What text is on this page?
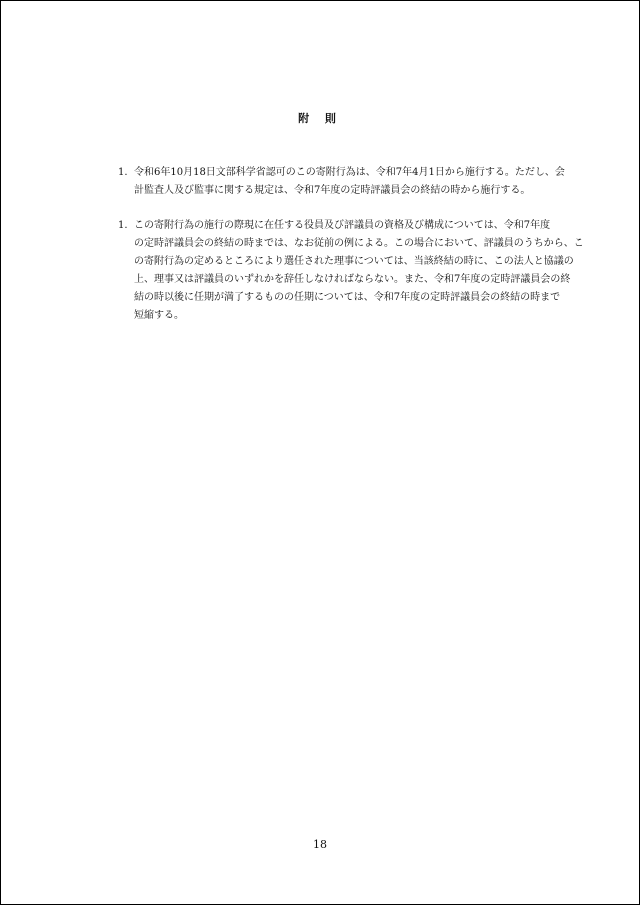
附 則
1. 令和6年10月18日文部科学省認可のこの寄附行為は、令和7年4月1日から施行する。ただし、会
計監査人及び監事に関する規定は、令和7年度の定時評議員会の終結の時から施行する。
1. この寄附行為の施行の際現に在任する役員及び評議員の資格及び構成については、令和7年度
の定時評議員会の終結の時までは、なお従前の例による。この場合において、評議員のうちから、こ
の寄附行為の定めるところにより選任された理事については、当該終結の時に、この法人と協議の
上、理事又は評議員のいずれかを辞任しなければならない。また、令和7年度の定時評議員会の終
結の時以後に任期が満了するものの任期については、令和7年度の定時評議員会の終結の時まで
短縮する。
18
